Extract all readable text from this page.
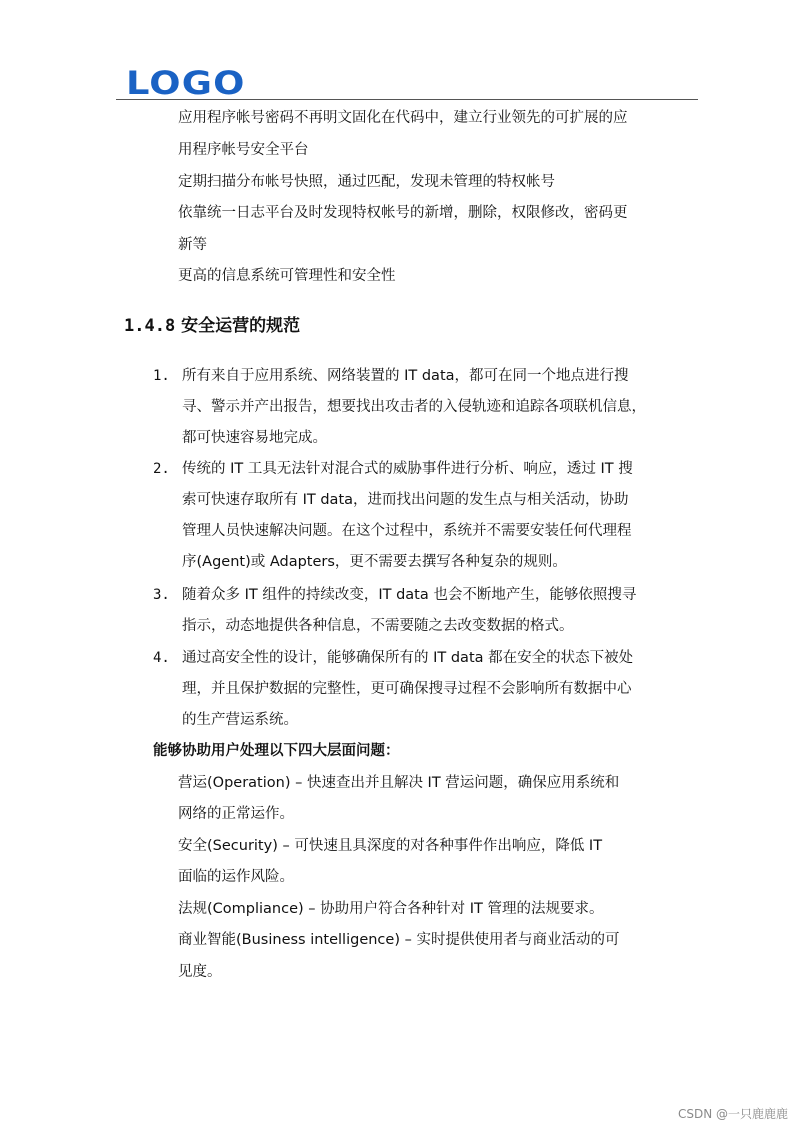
LOGO
应用程序帐号密码不再明文固化在代码中，建立行业领先的可扩展的应
用程序帐号安全平台
定期扫描分布帐号快照，通过匹配，发现未管理的特权帐号
依靠统一日志平台及时发现特权帐号的新增，删除，权限修改，密码更
新等
更高的信息系统可管理性和安全性
1.4.8 安全运营的规范
1. 所有来自于应用系统、网络装置的 IT data，都可在同一个地点进行搜
寻、警示并产出报告，想要找出攻击者的入侵轨迹和追踪各项联机信息，
都可快速容易地完成。
2. 传统的 IT 工具无法针对混合式的威胁事件进行分析、响应，透过 IT 搜
索可快速存取所有 IT data，进而找出问题的发生点与相关活动，协助
管理人员快速解决问题。在这个过程中，系统并不需要安装任何代理程
序(Agent)或 Adapters，更不需要去撰写各种复杂的规则。
3. 随着众多 IT 组件的持续改变，IT data 也会不断地产生，能够依照搜寻
指示，动态地提供各种信息，不需要随之去改变数据的格式。
4. 通过高安全性的设计，能够确保所有的 IT data 都在安全的状态下被处
理，并且保护数据的完整性，更可确保搜寻过程不会影响所有数据中心
的生产营运系统。
能够协助用户处理以下四大层面问题：
营运(Operation) – 快速查出并且解决 IT 营运问题，确保应用系统和
网络的正常运作。
安全(Security) – 可快速且具深度的对各种事件作出响应，降低 IT
面临的运作风险。
法规(Compliance) – 协助用户符合各种针对 IT 管理的法规要求。
商业智能(Business intelligence) – 实时提供使用者与商业活动的可
见度。
CSDN @一只鹿鹿鹿
